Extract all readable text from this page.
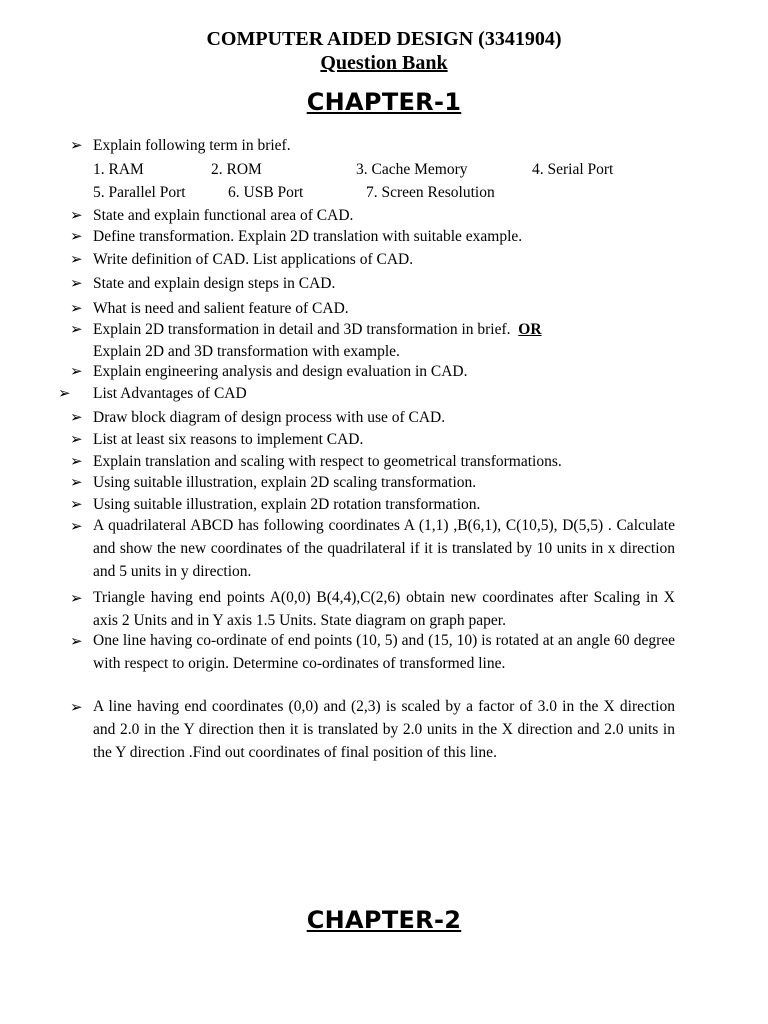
COMPUTER AIDED DESIGN (3341904)
Question Bank
CHAPTER-1
➢ Explain following term in brief.
1. RAM	2. ROM	3. Cache Memory	4. Serial Port
5. Parallel Port	6. USB Port	7. Screen Resolution
➢ State and explain functional area of CAD.
➢ Define transformation. Explain 2D translation with suitable example.
➢ Write definition of CAD. List applications of CAD.
➢ State and explain design steps in CAD.
➢ What is need and salient feature of CAD.
➢ Explain 2D transformation in detail and 3D transformation in brief. OR
Explain 2D and 3D transformation with example.
➢ Explain engineering analysis and design evaluation in CAD.
➢ List Advantages of CAD
➢ Draw block diagram of design process with use of CAD.
➢ List at least six reasons to implement CAD.
➢ Explain translation and scaling with respect to geometrical transformations.
➢ Using suitable illustration, explain 2D scaling transformation.
➢ Using suitable illustration, explain 2D rotation transformation.
➢ A quadrilateral ABCD has following coordinates A (1,1) ,B(6,1), C(10,5), D(5,5) . Calculate and show the new coordinates of the quadrilateral if it is translated by 10 units in x direction and 5 units in y direction.
➢ Triangle having end points A(0,0) B(4,4),C(2,6) obtain new coordinates after Scaling in X axis 2 Units and in Y axis 1.5 Units. State diagram on graph paper.
➢ One line having co-ordinate of end points (10, 5) and (15, 10) is rotated at an angle 60 degree with respect to origin. Determine co-ordinates of transformed line.
➢ A line having end coordinates (0,0) and (2,3) is scaled by a factor of 3.0 in the X direction and 2.0 in the Y direction then it is translated by 2.0 units in the X direction and 2.0 units in the Y direction .Find out coordinates of final position of this line.
CHAPTER-2
